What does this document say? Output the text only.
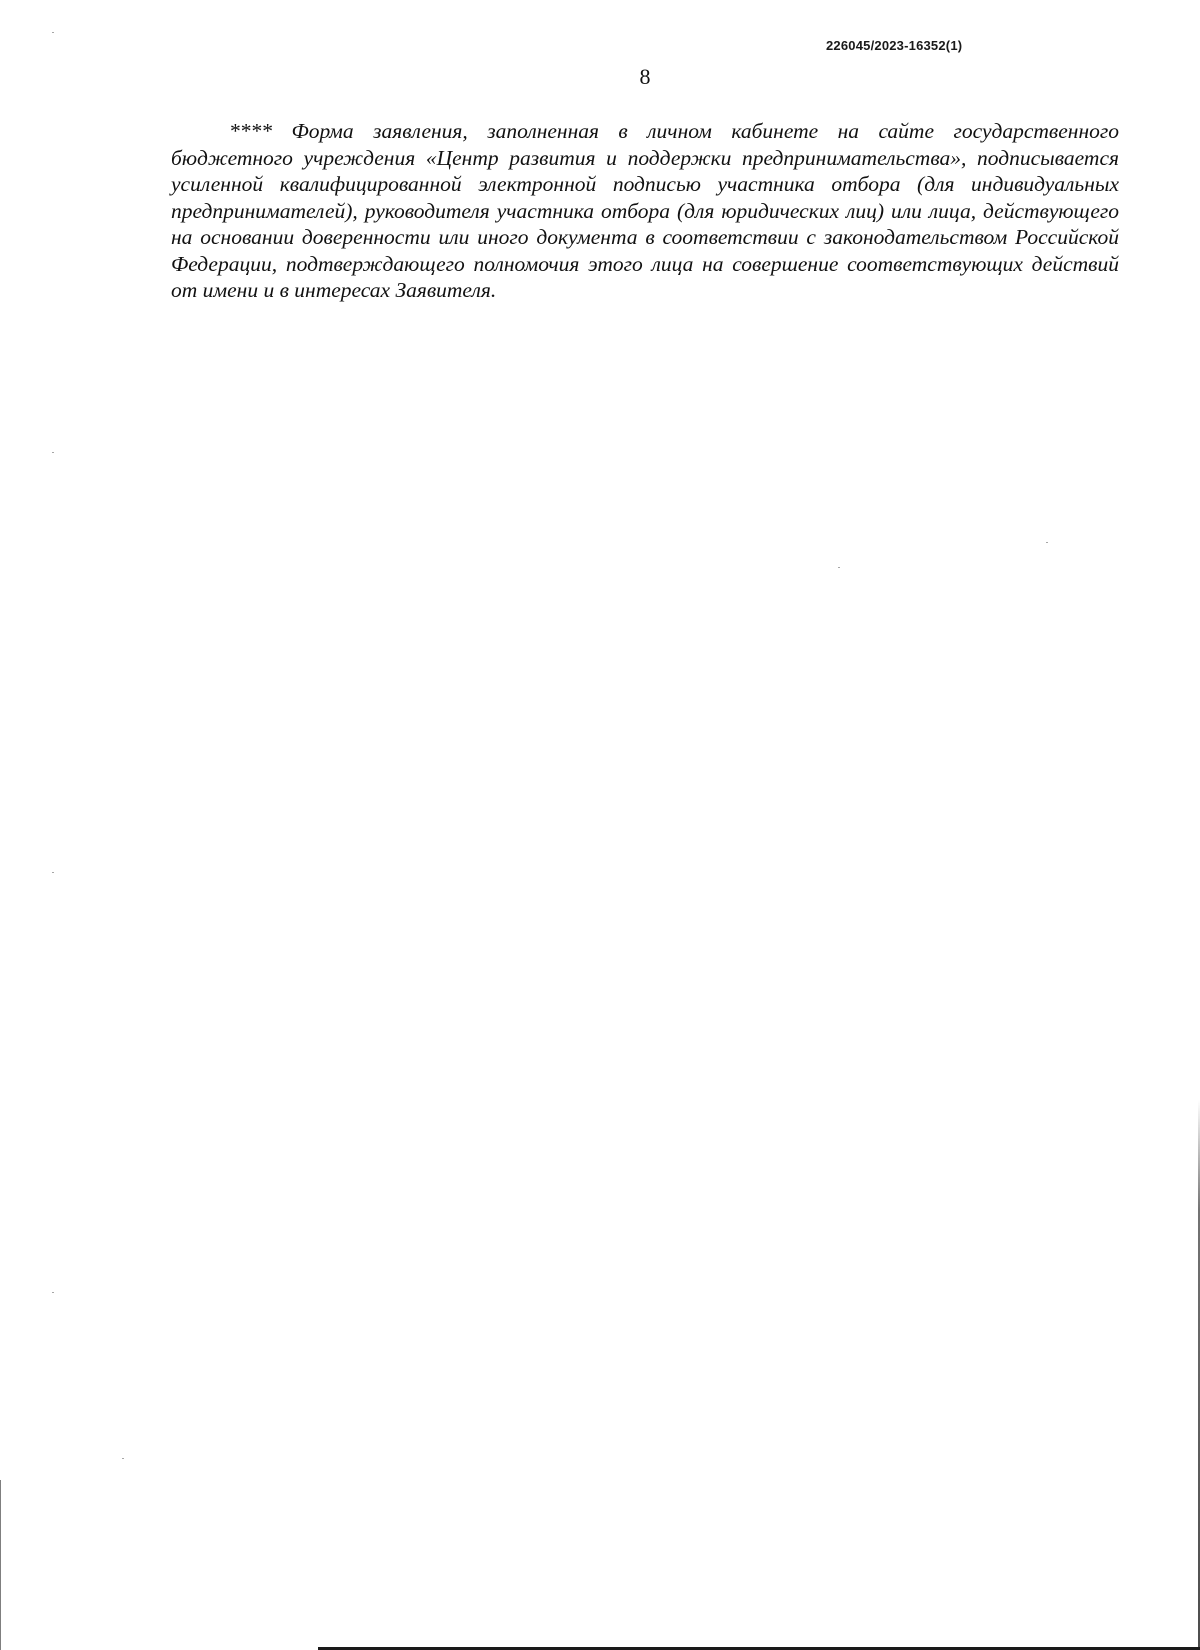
226045/2023-16352(1)
8

**** Форма заявления, заполненная в личном кабинете на сайте государственного бюджетного учреждения «Центр развития и поддержки предпринимательства», подписывается усиленной квалифицированной электронной подписью участника отбора (для индивидуальных предпринимателей), руководителя участника отбора (для юридических лиц) или лица, действующего на основании доверенности или иного документа в соответствии с законодательством Российской Федерации, подтверждающего полномочия этого лица на совершение соответствующих действий от имени и в интересах Заявителя.
